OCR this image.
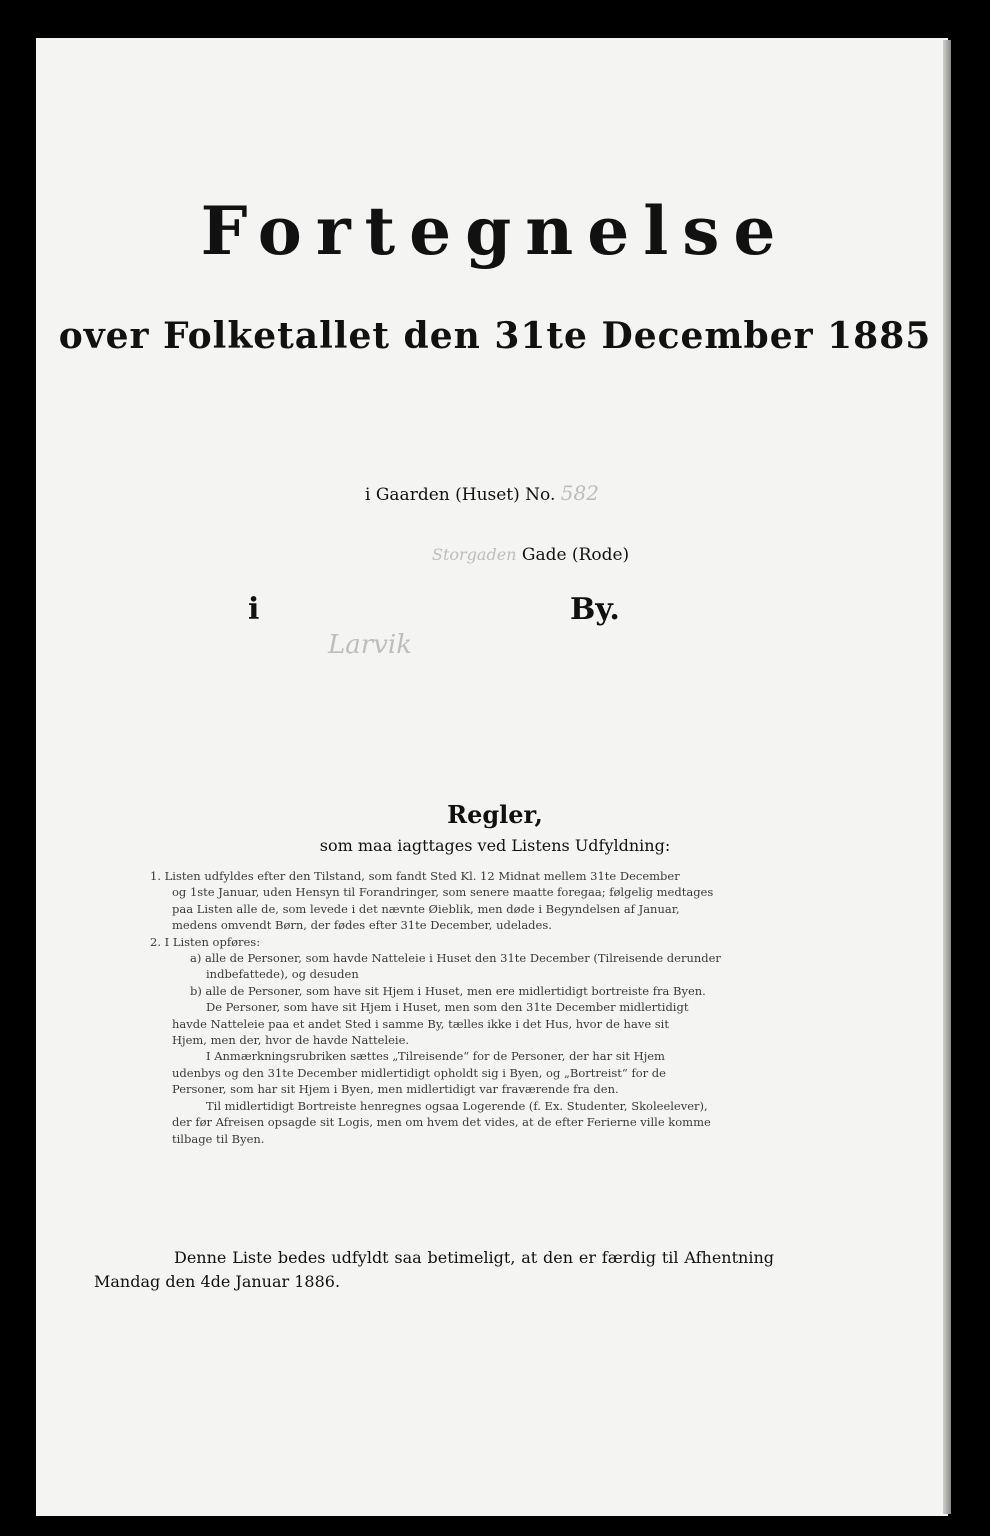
Fortegnelse
over Folketallet den 31te December 1885
i Gaarden (Huset) No. 582
Storgaden Gade (Rode)
i
Larvik
By.
Regler,
som maa iagttages ved Listens Udfyldning:
1. Listen udfyldes efter den Tilstand, som fandt Sted Kl. 12 Midnat mellem 31te December
og 1ste Januar, uden Hensyn til Forandringer, som senere maatte foregaa; følgelig medtages
paa Listen alle de, som levede i det nævnte Øieblik, men døde i Begyndelsen af Januar,
medens omvendt Børn, der fødes efter 31te December, udelades.
2. I Listen opføres:
a) alle de Personer, som havde Natteleie i Huset den 31te December (Tilreisende derunder
indbefattede), og desuden
b) alle de Personer, som have sit Hjem i Huset, men ere midlertidigt bortreiste fra Byen.
De Personer, som have sit Hjem i Huset, men som den 31te December midlertidigt
havde Natteleie paa et andet Sted i samme By, tælles ikke i det Hus, hvor de have sit
Hjem, men der, hvor de havde Natteleie.
I Anmærkningsrubriken sættes „Tilreisende“ for de Personer, der har sit Hjem
udenbys og den 31te December midlertidigt opholdt sig i Byen, og „Bortreist“ for de
Personer, som har sit Hjem i Byen, men midlertidigt var fraværende fra den.
Til midlertidigt Bortreiste henregnes ogsaa Logerende (f. Ex. Studenter, Skoleelever),
der før Afreisen opsagde sit Logis, men om hvem det vides, at de efter Ferierne ville komme
tilbage til Byen.
Denne Liste bedes udfyldt saa betimeligt, at den er færdig til Afhentning
Mandag den 4de Januar 1886.
